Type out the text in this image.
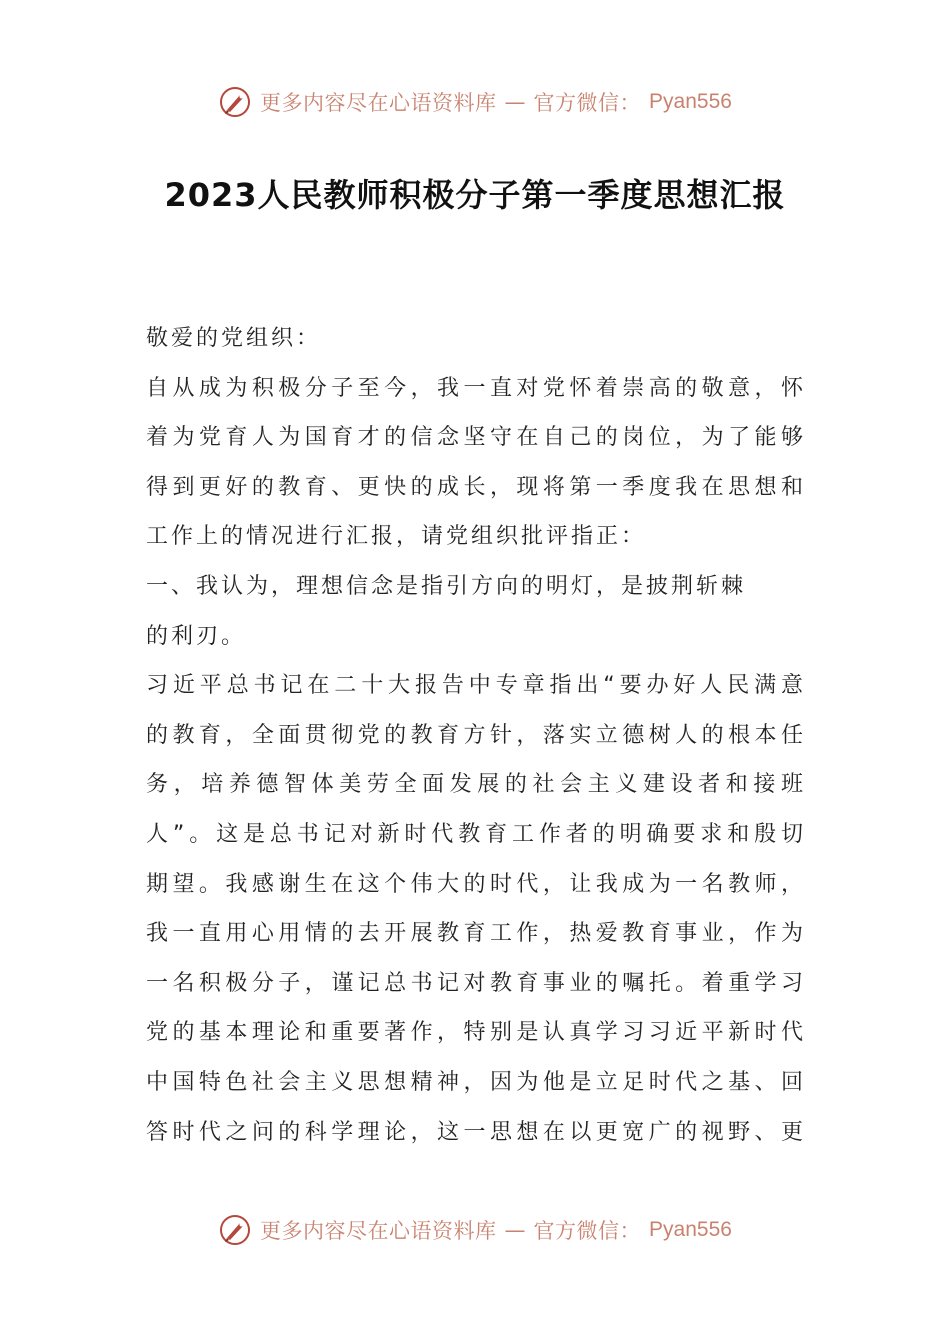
更多内容尽在心语资料库 — 官方微信： Pyan556
2023人民教师积极分子第一季度思想汇报
敬爱的党组织：
自从成为积极分子至今，我一直对党怀着崇高的敬意，怀
着为党育人为国育才的信念坚守在自己的岗位，为了能够
得到更好的教育、更快的成长，现将第一季度我在思想和
工作上的情况进行汇报，请党组织批评指正：
一、我认为，理想信念是指引方向的明灯，是披荆斩棘
的利刃。
习近平总书记在二十大报告中专章指出“要办好人民满意
的教育，全面贯彻党的教育方针，落实立德树人的根本任
务，培养德智体美劳全面发展的社会主义建设者和接班
人”。这是总书记对新时代教育工作者的明确要求和殷切
期望。我感谢生在这个伟大的时代，让我成为一名教师，
我一直用心用情的去开展教育工作，热爱教育事业，作为
一名积极分子，谨记总书记对教育事业的嘱托。着重学习
党的基本理论和重要著作，特别是认真学习习近平新时代
中国特色社会主义思想精神，因为他是立足时代之基、回
答时代之问的科学理论，这一思想在以更宽广的视野、更
更多内容尽在心语资料库 — 官方微信： Pyan556
